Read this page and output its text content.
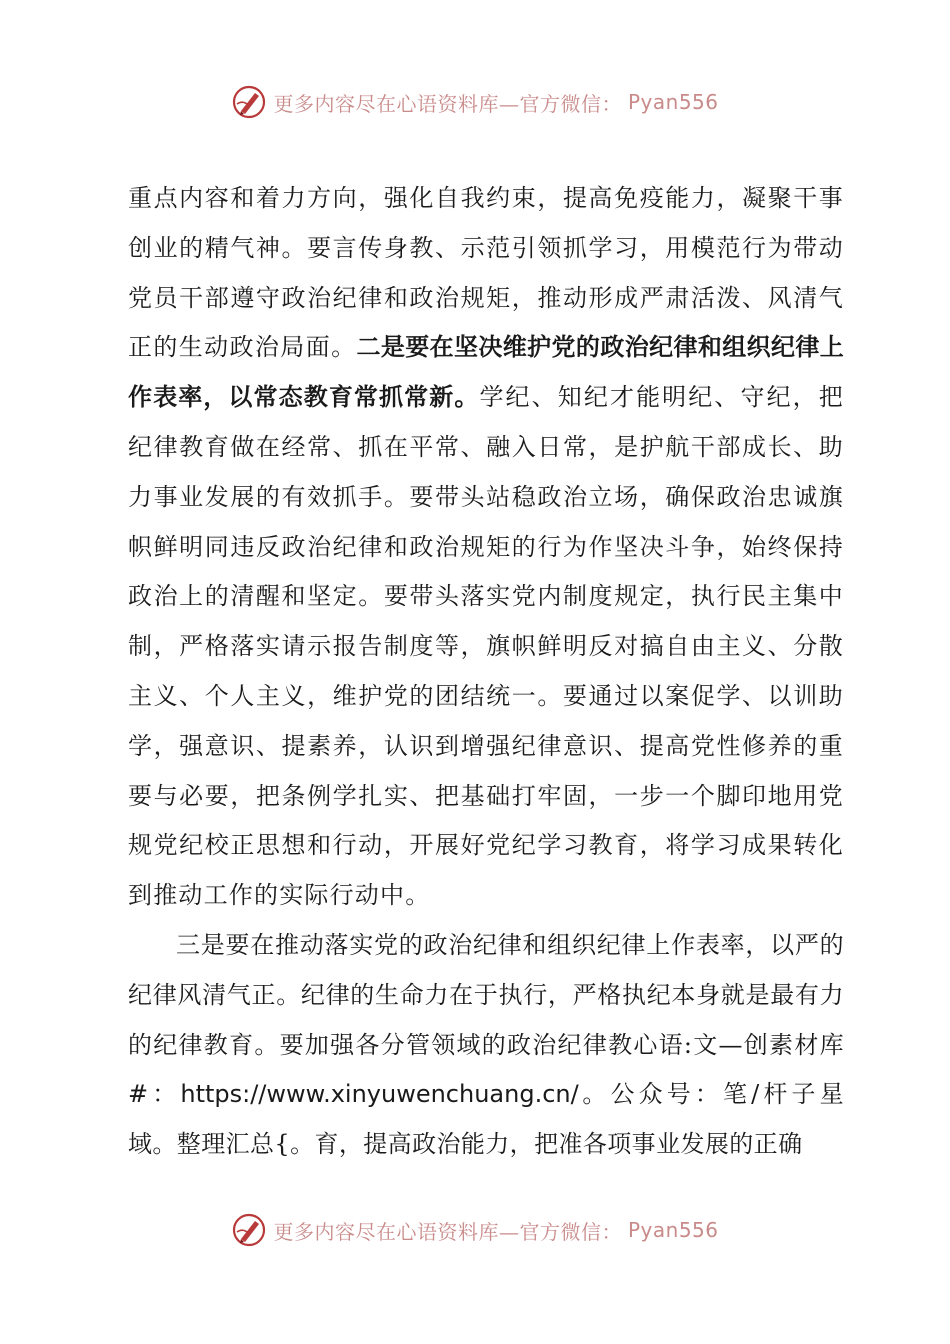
更多内容尽在心语资料库—官方微信： Pyan556

重点内容和着力方向，强化自我约束，提高免疫能力，凝聚干事创业的精气神。要言传身教、示范引领抓学习，用模范行为带动党员干部遵守政治纪律和政治规矩，推动形成严肃活泼、风清气正的生动政治局面。二是要在坚决维护党的政治纪律和组织纪律上作表率，以常态教育常抓常新。学纪、知纪才能明纪、守纪，把纪律教育做在经常、抓在平常、融入日常，是护航干部成长、助力事业发展的有效抓手。要带头站稳政治立场，确保政治忠诚旗帜鲜明同违反政治纪律和政治规矩的行为作坚决斗争，始终保持政治上的清醒和坚定。要带头落实党内制度规定，执行民主集中制，严格落实请示报告制度等，旗帜鲜明反对搞自由主义、分散主义、个人主义，维护党的团结统一。要通过以案促学、以训助学，强意识、提素养，认识到增强纪律意识、提高党性修养的重要与必要，把条例学扎实、把基础打牢固，一步一个脚印地用党规党纪校正思想和行动，开展好党纪学习教育，将学习成果转化到推动工作的实际行动中。

三是要在推动落实党的政治纪律和组织纪律上作表率，以严的纪律风清气正。纪律的生命力在于执行，严格执纪本身就是最有力的纪律教育。要加强各分管领域的政治纪律教心语:文—创素材库#：https://www.xinyuwenchuang.cn/。公众号：笔/杆子星域。整理汇总{。育，提高政治能力，把准各项事业发展的正确

更多内容尽在心语资料库—官方微信： Pyan556
